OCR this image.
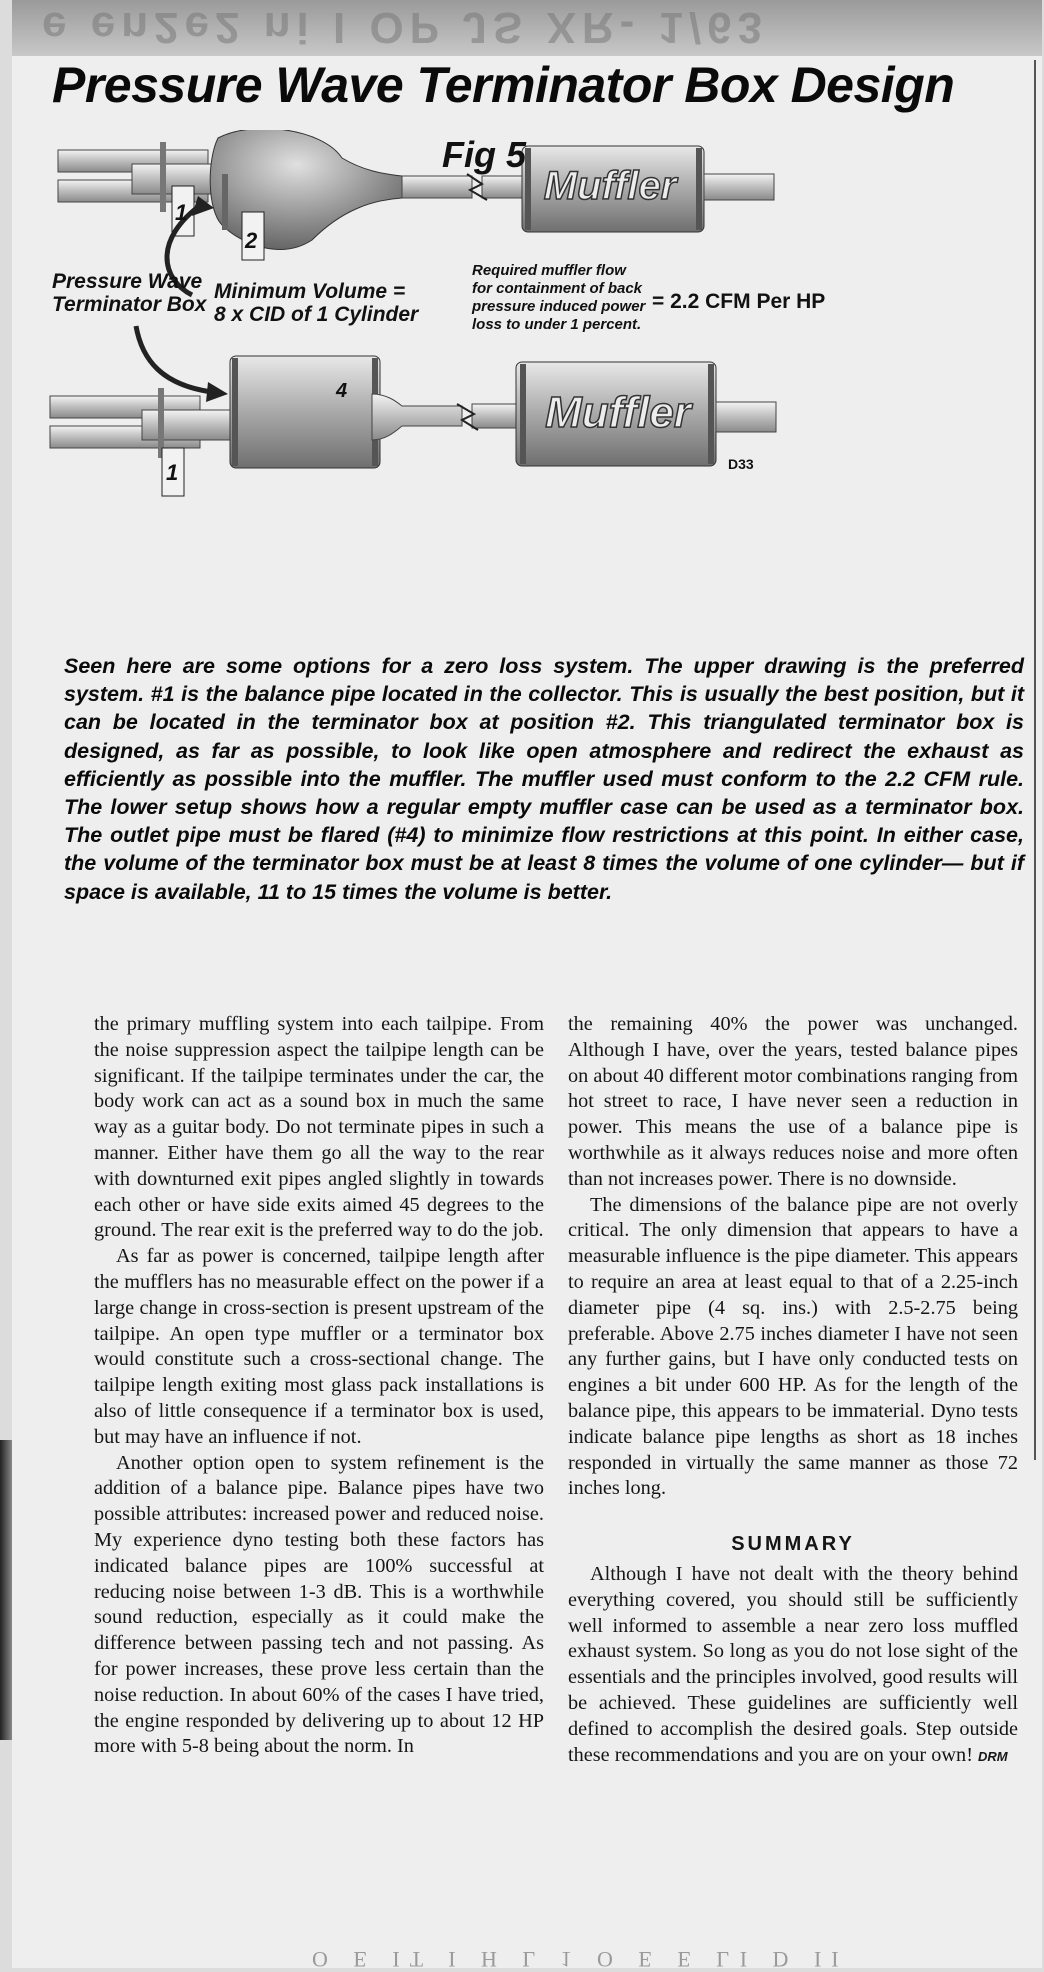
e en2e2 ni I OP JS XR- 1/63
Pressure Wave Terminator Box Design
Fig 5
Muffler
Muffler
1
2
4
1
Pressure Wave
Terminator Box
Minimum Volume =
8 x CID of 1 Cylinder
Required muffler flow
for containment of back
pressure induced power
loss to under 1 percent.
= 2.2 CFM Per HP
D33

Seen here are some options for a zero loss system. The upper drawing is the preferred system. #1 is the balance pipe located in the collector. This is usually the best position, but it can be located in the terminator box at position #2. This triangulated terminator box is designed, as far as possible, to look like open atmosphere and redirect the exhaust as efficiently as possible into the muffler. The muffler used must conform to the 2.2 CFM rule. The lower setup shows how a regular empty muffler case can be used as a terminator box. The outlet pipe must be flared (#4) to minimize flow restrictions at this point. In either case, the volume of the terminator box must be at least 8 times the volume of one cylinder— but if space is available, 11 to 15 times the volume is better.

the primary muffling system into each tailpipe. From the noise suppression aspect the tailpipe length can be significant. If the tailpipe terminates under the car, the body work can act as a sound box in much the same way as a guitar body. Do not terminate pipes in such a manner. Either have them go all the way to the rear with downturned exit pipes angled slightly in towards each other or have side exits aimed 45 degrees to the ground. The rear exit is the preferred way to do the job.

As far as power is concerned, tailpipe length after the mufflers has no measurable effect on the power if a large change in cross-section is present upstream of the tailpipe. An open type muffler or a terminator box would constitute such a cross-sectional change. The tailpipe length exiting most glass pack installations is also of little consequence if a terminator box is used, but may have an influence if not.

Another option open to system refinement is the addition of a balance pipe. Balance pipes have two possible attributes: increased power and reduced noise. My experience dyno testing both these factors has indicated balance pipes are 100% successful at reducing noise between 1-3 dB. This is a worthwhile sound reduction, especially as it could make the difference between passing tech and not passing. As for power increases, these prove less certain than the noise reduction. In about 60% of the cases I have tried, the engine responded by delivering up to about 12 HP more with 5-8 being about the norm. In

the remaining 40% the power was unchanged. Although I have, over the years, tested balance pipes on about 40 different motor combinations ranging from hot street to race, I have never seen a reduction in power. This means the use of a balance pipe is worthwhile as it always reduces noise and more often than not increases power. There is no downside.

The dimensions of the balance pipe are not overly critical. The only dimension that appears to have a measurable influence is the pipe diameter. This appears to require an area at least equal to that of a 2.25-inch diameter pipe (4 sq. ins.) with 2.5-2.75 being preferable. Above 2.75 inches diameter I have not seen any further gains, but I have only conducted tests on engines a bit under 600 HP. As for the length of the balance pipe, this appears to be immaterial. Dyno tests indicate balance pipe lengths as short as 18 inches responded in virtually the same manner as those 72 inches long.

SUMMARY

Although I have not dealt with the theory behind everything covered, you should still be sufficiently well informed to assemble a near zero loss muffled exhaust system. So long as you do not lose sight of the essentials and the principles involved, good results will be achieved. These guidelines are sufficiently well defined to accomplish the desired goals. Step outside these recommendations and you are on your own! DRM

O E IT I H L 1 O E E LI D II
